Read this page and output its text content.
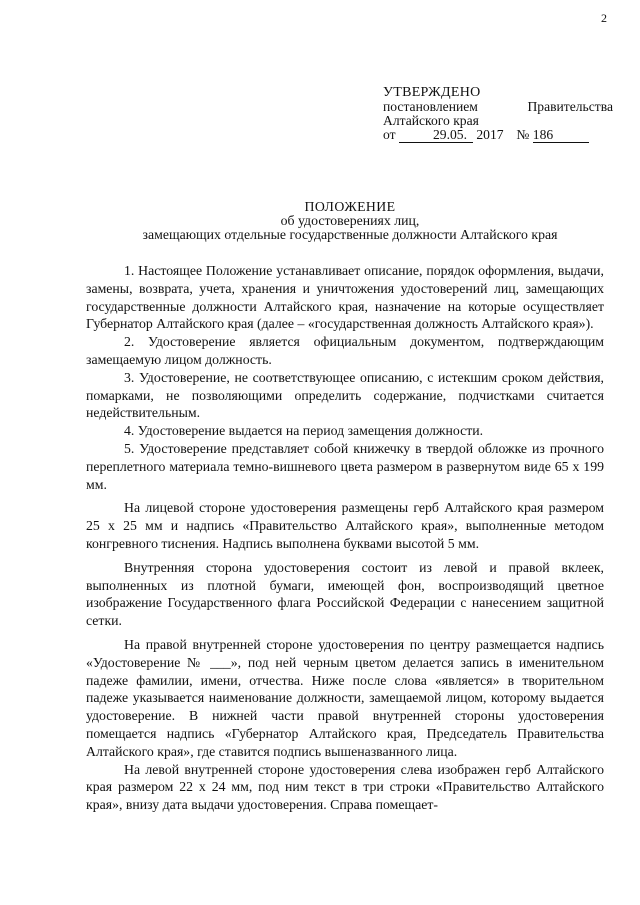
2
УТВЕРЖДЕНО
постановлением	Правительства
Алтайского края
от	29.05. 2017 № 186
ПОЛОЖЕНИЕ
об удостоверениях лиц,
замещающих отдельные государственные должности Алтайского края

1. Настоящее Положение устанавливает описание, порядок оформления, выдачи, замены, возврата, учета, хранения и уничтожения удостоверений лиц, замещающих государственные должности Алтайского края, назначение на которые осуществляет Губернатор Алтайского края (далее – «государственная должность Алтайского края»).

2. Удостоверение является официальным документом, подтверждающим замещаемую лицом должность.

3. Удостоверение, не соответствующее описанию, с истекшим сроком действия, помарками, не позволяющими определить содержание, подчистками считается недействительным.

4. Удостоверение выдается на период замещения должности.

5. Удостоверение представляет собой книжечку в твердой обложке из прочного переплетного материала темно-вишневого цвета размером в развернутом виде 65 х 199 мм.

На лицевой стороне удостоверения размещены герб Алтайского края размером 25 х 25 мм и надпись «Правительство Алтайского края», выполненные методом конгревного тиснения. Надпись выполнена буквами высотой 5 мм.

Внутренняя сторона удостоверения состоит из левой и правой вклеек, выполненных из плотной бумаги, имеющей фон, воспроизводящий цветное изображение Государственного флага Российской Федерации с нанесением защитной сетки.

На правой внутренней стороне удостоверения по центру размещается надпись «Удостоверение № ___», под ней черным цветом делается запись в именительном падеже фамилии, имени, отчества. Ниже после слова «является» в творительном падеже указывается наименование должности, замещаемой лицом, которому выдается удостоверение. В нижней части правой внутренней стороны удостоверения помещается надпись «Губернатор Алтайского края, Председатель Правительства Алтайского края», где ставится подпись вышеназванного лица.

На левой внутренней стороне удостоверения слева изображен герб Алтайского края размером 22 х 24 мм, под ним текст в три строки «Правительство Алтайского края», внизу дата выдачи удостоверения. Справа помещает-
